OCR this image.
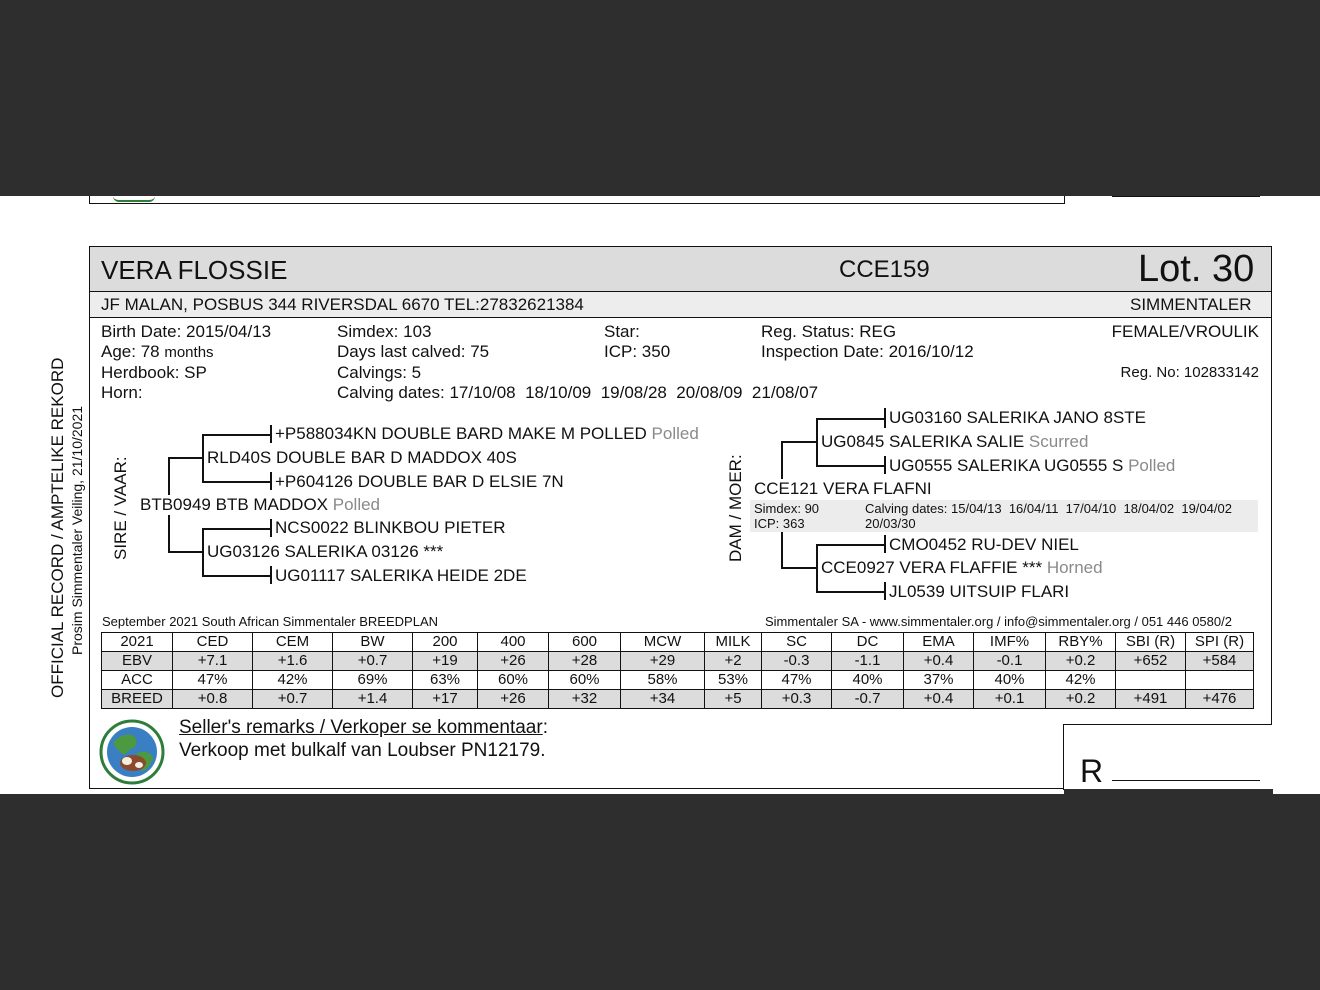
OFFICIAL RECORD / AMPTELIKE REKORD Prosim Simmentaler Veiling, 21/10/2021
VERA FLOSSIE	CCE159	Lot. 30
JF MALAN, POSBUS 344 RIVERSDAL 6670 TEL:27832621384	SIMMENTALER
Birth Date: 2015/04/13
Age: 78 months
Herdbook: SP
Horn:
Simdex: 103
Days last calved: 75
Calvings: 5
Calving dates: 17/10/08  18/10/09  19/08/28  20/08/09  21/08/07
Star:
ICP: 350
Reg. Status: REG
Inspection Date: 2016/10/12
FEMALE/VROULIK
Reg. No: 102833142
SIRE / VAAR:
+P588034KN DOUBLE BARD MAKE M POLLED Polled
RLD40S DOUBLE BAR D MADDOX 40S
+P604126 DOUBLE BAR D ELSIE 7N
BTB0949 BTB MADDOX Polled
NCS0022 BLINKBOU PIETER
UG03126 SALERIKA 03126 ***
UG01117 SALERIKA HEIDE 2DE
DAM / MOER:
UG03160 SALERIKA JANO 8STE
UG0845 SALERIKA SALIE Scurred
UG0555 SALERIKA UG0555 S Polled
CCE121 VERA FLAFNI
Simdex: 90
ICP: 363
Calving dates: 15/04/13  16/04/11  17/04/10  18/04/02  19/04/02
20/03/30
CMO0452 RU-DEV NIEL
CCE0927 VERA FLAFFIE *** Horned
JL0539 UITSUIP FLARI
September 2021 South African Simmentaler BREEDPLAN	Simmentaler SA - www.simmentaler.org / info@simmentaler.org / 051 446 0580/2
2021	CED	CEM	BW	200	400	600	MCW	MILK	SC	DC	EMA	IMF%	RBY%	SBI (R)	SPI (R)
EBV	+7.1	+1.6	+0.7	+19	+26	+28	+29	+2	-0.3	-1.1	+0.4	-0.1	+0.2	+652	+584
ACC	47%	42%	69%	63%	60%	60%	58%	53%	47%	40%	37%	40%	42%		
BREED	+0.8	+0.7	+1.4	+17	+26	+32	+34	+5	+0.3	-0.7	+0.4	+0.1	+0.2	+491	+476
Seller's remarks / Verkoper se kommentaar:
Verkoop met bulkalf van Loubser PN12179.
R
